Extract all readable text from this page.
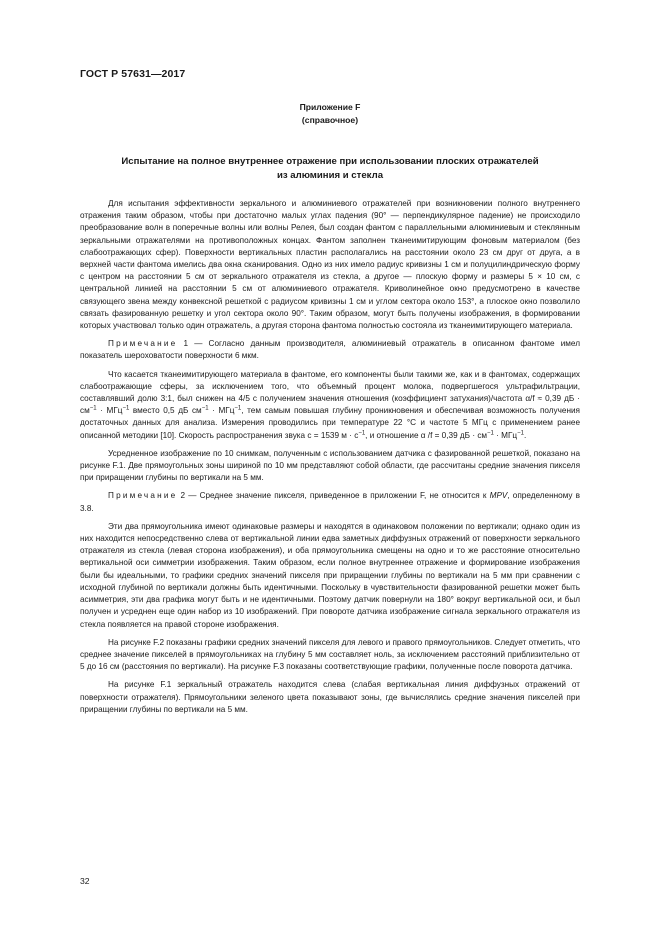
ГОСТ Р 57631—2017
Приложение F
(справочное)
Испытание на полное внутреннее отражение при использовании плоских отражателей
из алюминия и стекла

Для испытания эффективности зеркального и алюминиевого отражателей при возникновении полного внутреннего отражения таким образом, чтобы при достаточно малых углах падения (90° — перпендикулярное падение) не происходило преобразование волн в поперечные волны или волны Релея, был создан фантом с параллельными алюминиевым и стеклянным зеркальными отражателями на противоположных концах. Фантом заполнен тканеимитирующим фоновым материалом (без слабоотражающих сфер). Поверхности вертикальных пластин располагались на расстоянии около 23 см друг от друга, а в верхней части фантома имелись два окна сканирования. Одно из них имело радиус кривизны 1 см и полуцилиндрическую форму с центром на расстоянии 5 см от зеркального отражателя из стекла, а другое — плоскую форму и размеры 5 × 10 см, с центральной линией на расстоянии 5 см от алюминиевого отражателя. Криволинейное окно предусмотрено в качестве связующего звена между конвексной решеткой с радиусом кривизны 1 см и углом сектора около 153°, а плоское окно позволило связать фазированную решетку и угол сектора около 90°. Таким образом, могут быть получены изображения, в формировании которых участвовал только один отражатель, а другая сторона фантома полностью состояла из тканеимитирующего материала.

Примечание 1 — Согласно данным производителя, алюминиевый отражатель в описанном фантоме имел показатель шероховатости поверхности 6 мкм.

Что касается тканеимитирующего материала в фантоме, его компоненты были такими же, как и в фантомах, содержащих слабоотражающие сферы, за исключением того, что объемный процент молока, подвергшегося ультрафильтрации, составлявший долю 3:1, был снижен на 4/5 с получением значения отношения (коэффициент затухания)/частота α/f ≈ 0,39 дБ · $см^{-1} \cdot МГц^{-1}$ вместо 0,5 дБ $см^{-1} \cdot МГц^{-1}$, тем самым повышая глубину проникновения и обеспечивая возможность получения достаточных данных для анализа. Измерения проводились при температуре 22 °С и частоте 5 МГц с применением ранее описанной методики [10]. Скорость распространения звука c = 1539 $м \cdot с^{-1}$, и отношение α /f = 0,39 дБ · $см^{-1} \cdot МГц^{-1}$.

Усредненное изображение по 10 снимкам, полученным с использованием датчика с фазированной решеткой, показано на рисунке F.1. Две прямоугольных зоны шириной по 10 мм представляют собой области, где рассчитаны средние значения пикселя при приращении глубины по вертикали на 5 мм.

Примечание 2 — Среднее значение пикселя, приведенное в приложении F, не относится к MPV, определенному в 3.8.

Эти два прямоугольника имеют одинаковые размеры и находятся в одинаковом положении по вертикали; однако один из них находится непосредственно слева от вертикальной линии едва заметных диффузных отражений от поверхности зеркального отражателя из стекла (левая сторона изображения), и оба прямоугольника смещены на одно и то же расстояние относительно вертикальной оси симметрии изображения. Таким образом, если полное внутреннее отражение и формирование изображения были бы идеальными, то графики средних значений пикселя при приращении глубины по вертикали на 5 мм при сравнении с исходной глубиной по вертикали должны быть идентичными. Поскольку в чувствительности фазированной решетки может быть асимметрия, эти два графика могут быть и не идентичными. Поэтому датчик повернули на 180° вокруг вертикальной оси, и был получен и усреднен еще один набор из 10 изображений. При повороте датчика изображение сигнала зеркального отражателя из стекла появляется на правой стороне изображения.

На рисунке F.2 показаны графики средних значений пикселя для левого и правого прямоугольников. Следует отметить, что среднее значение пикселей в прямоугольниках на глубину 5 мм составляет ноль, за исключением расстояний приблизительно от 5 до 16 см (расстояния по вертикали). На рисунке F.3 показаны соответствующие графики, полученные после поворота датчика.

На рисунке F.1 зеркальный отражатель находится слева (слабая вертикальная линия диффузных отражений от поверхности отражателя). Прямоугольники зеленого цвета показывают зоны, где вычислялись средние значения пикселей при приращении глубины по вертикали на 5 мм.

32
